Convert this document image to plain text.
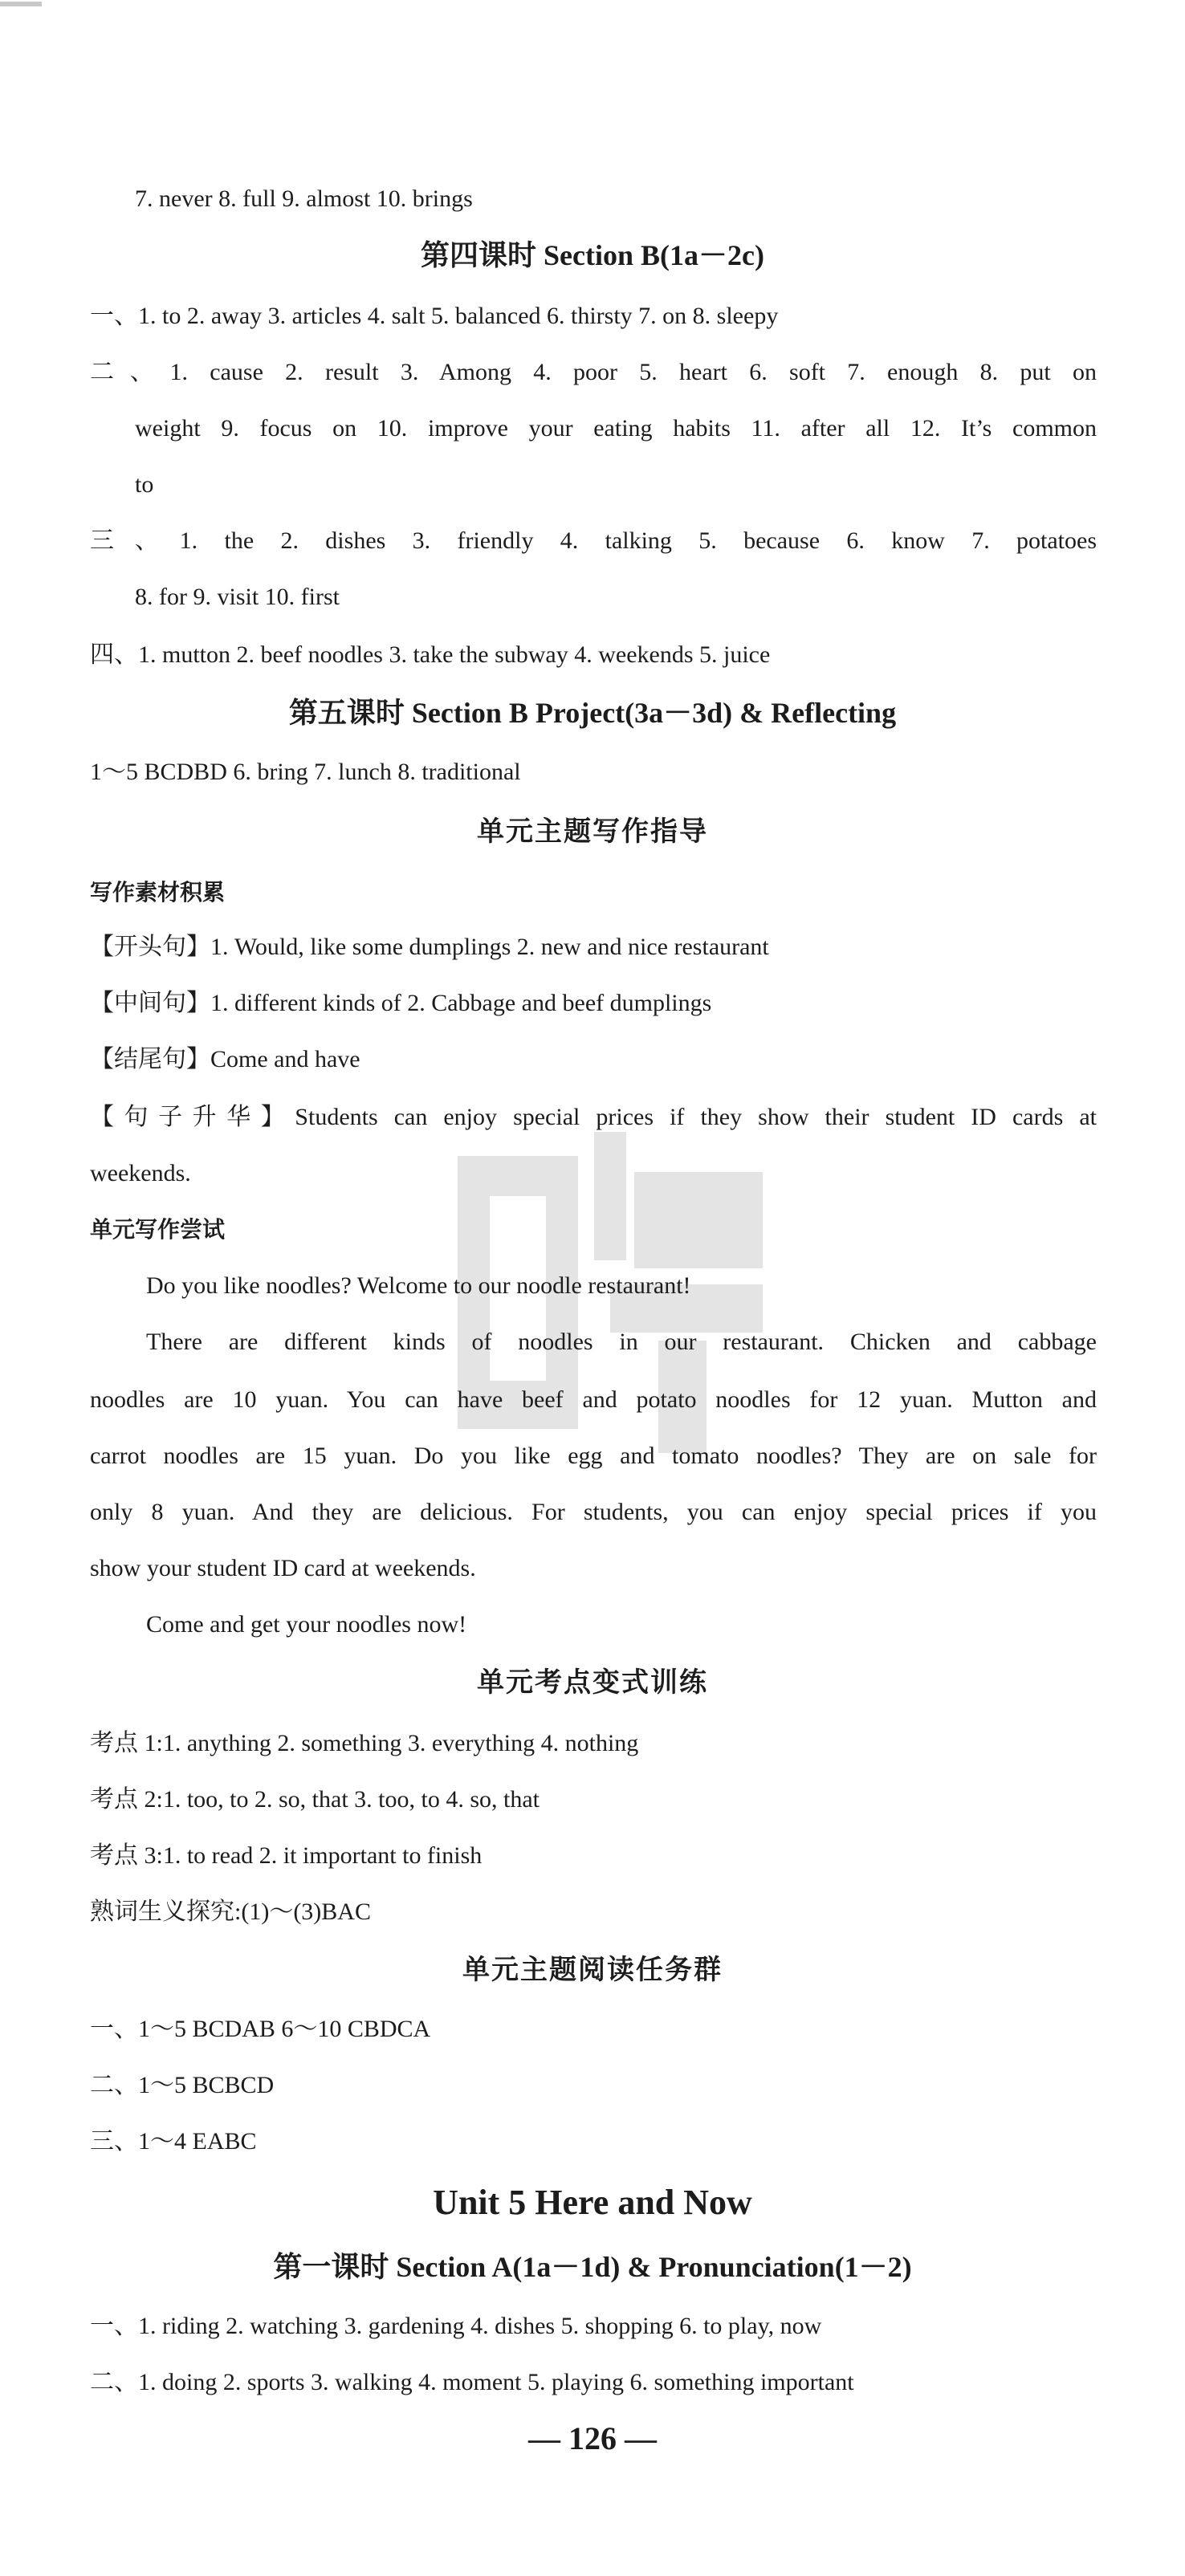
7. never 8. full 9. almost 10. brings
第四课时 Section B(1a－2c)
一、1. to 2. away 3. articles 4. salt 5. balanced 6. thirsty 7. on 8. sleepy
二、1. cause 2. result 3. Among 4. poor 5. heart 6. soft 7. enough 8. put on
weight 9. focus on 10. improve your eating habits 11. after all 12. It’s common
to
三、1. the 2. dishes 3. friendly 4. talking 5. because 6. know 7. potatoes
8. for 9. visit 10. first
四、1. mutton 2. beef noodles 3. take the subway 4. weekends 5. juice
第五课时 Section B Project(3a－3d) & Reflecting
1～5 BCDBD 6. bring 7. lunch 8. traditional
单元主题写作指导
写作素材积累
【开头句】1. Would, like some dumplings 2. new and nice restaurant
【中间句】1. different kinds of 2. Cabbage and beef dumplings
【结尾句】Come and have
【句子升华】Students can enjoy special prices if they show their student ID cards at
weekends.
单元写作尝试
Do you like noodles? Welcome to our noodle restaurant!
There are different kinds of noodles in our restaurant. Chicken and cabbage
noodles are 10 yuan. You can have beef and potato noodles for 12 yuan. Mutton and
carrot noodles are 15 yuan. Do you like egg and tomato noodles? They are on sale for
only 8 yuan. And they are delicious. For students, you can enjoy special prices if you
show your student ID card at weekends.
Come and get your noodles now!
单元考点变式训练
考点 1:1. anything 2. something 3. everything 4. nothing
考点 2:1. too, to 2. so, that 3. too, to 4. so, that
考点 3:1. to read 2. it important to finish
熟词生义探究:(1)～(3)BAC
单元主题阅读任务群
一、1～5 BCDAB 6～10 CBDCA
二、1～5 BCBCD
三、1～4 EABC
Unit 5 Here and Now
第一课时 Section A(1a－1d) & Pronunciation(1－2)
一、1. riding 2. watching 3. gardening 4. dishes 5. shopping 6. to play, now
二、1. doing 2. sports 3. walking 4. moment 5. playing 6. something important
— 126 —
